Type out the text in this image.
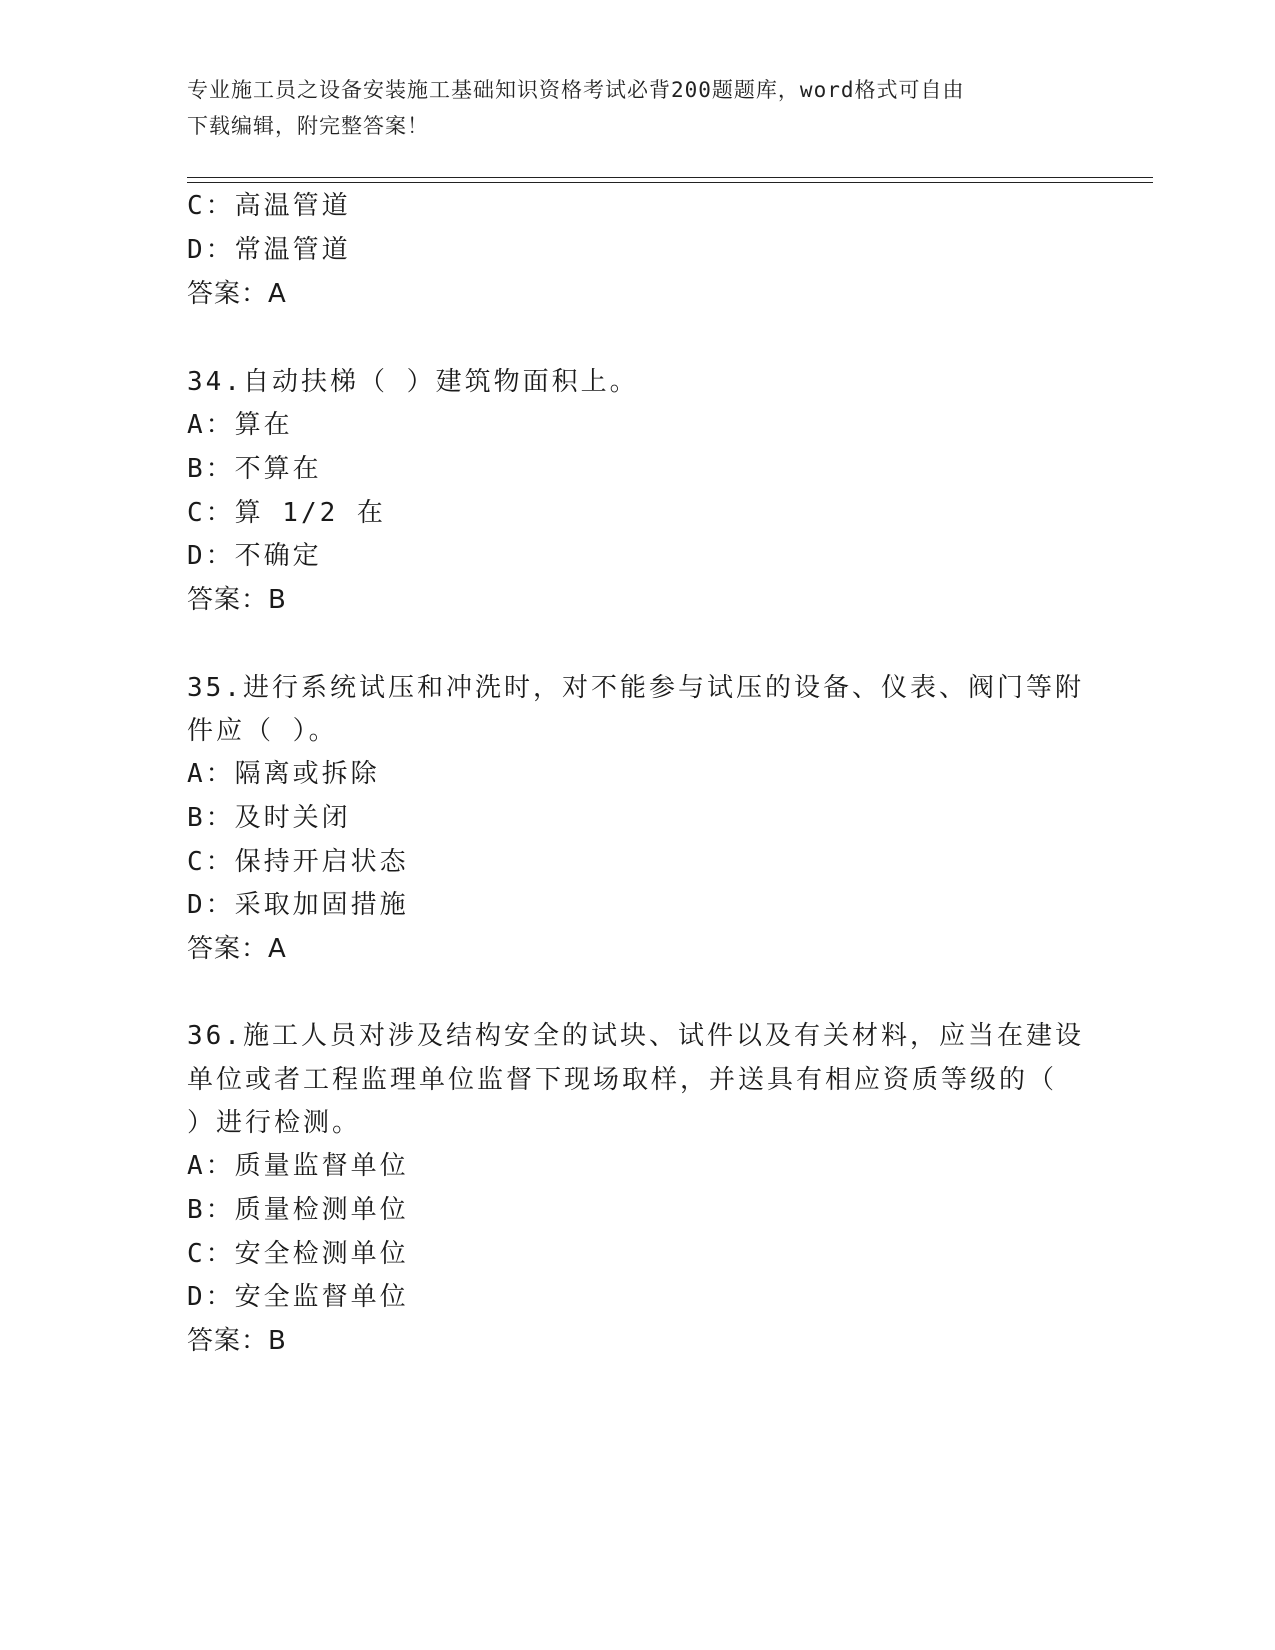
专业施工员之设备安装施工基础知识资格考试必背200题题库，word格式可自由
下载编辑，附完整答案！
C：高温管道
D：常温管道
答案：A
34.自动扶梯（ ）建筑物面积上。
A：算在
B：不算在
C：算 1/2 在
D：不确定
答案：B
35.进行系统试压和冲洗时，对不能参与试压的设备、仪表、阀门等附
件应（ ）。
A：隔离或拆除
B：及时关闭
C：保持开启状态
D：采取加固措施
答案：A
36.施工人员对涉及结构安全的试块、试件以及有关材料，应当在建设
单位或者工程监理单位监督下现场取样，并送具有相应资质等级的（
）进行检测。
A：质量监督单位
B：质量检测单位
C：安全检测单位
D：安全监督单位
答案：B
